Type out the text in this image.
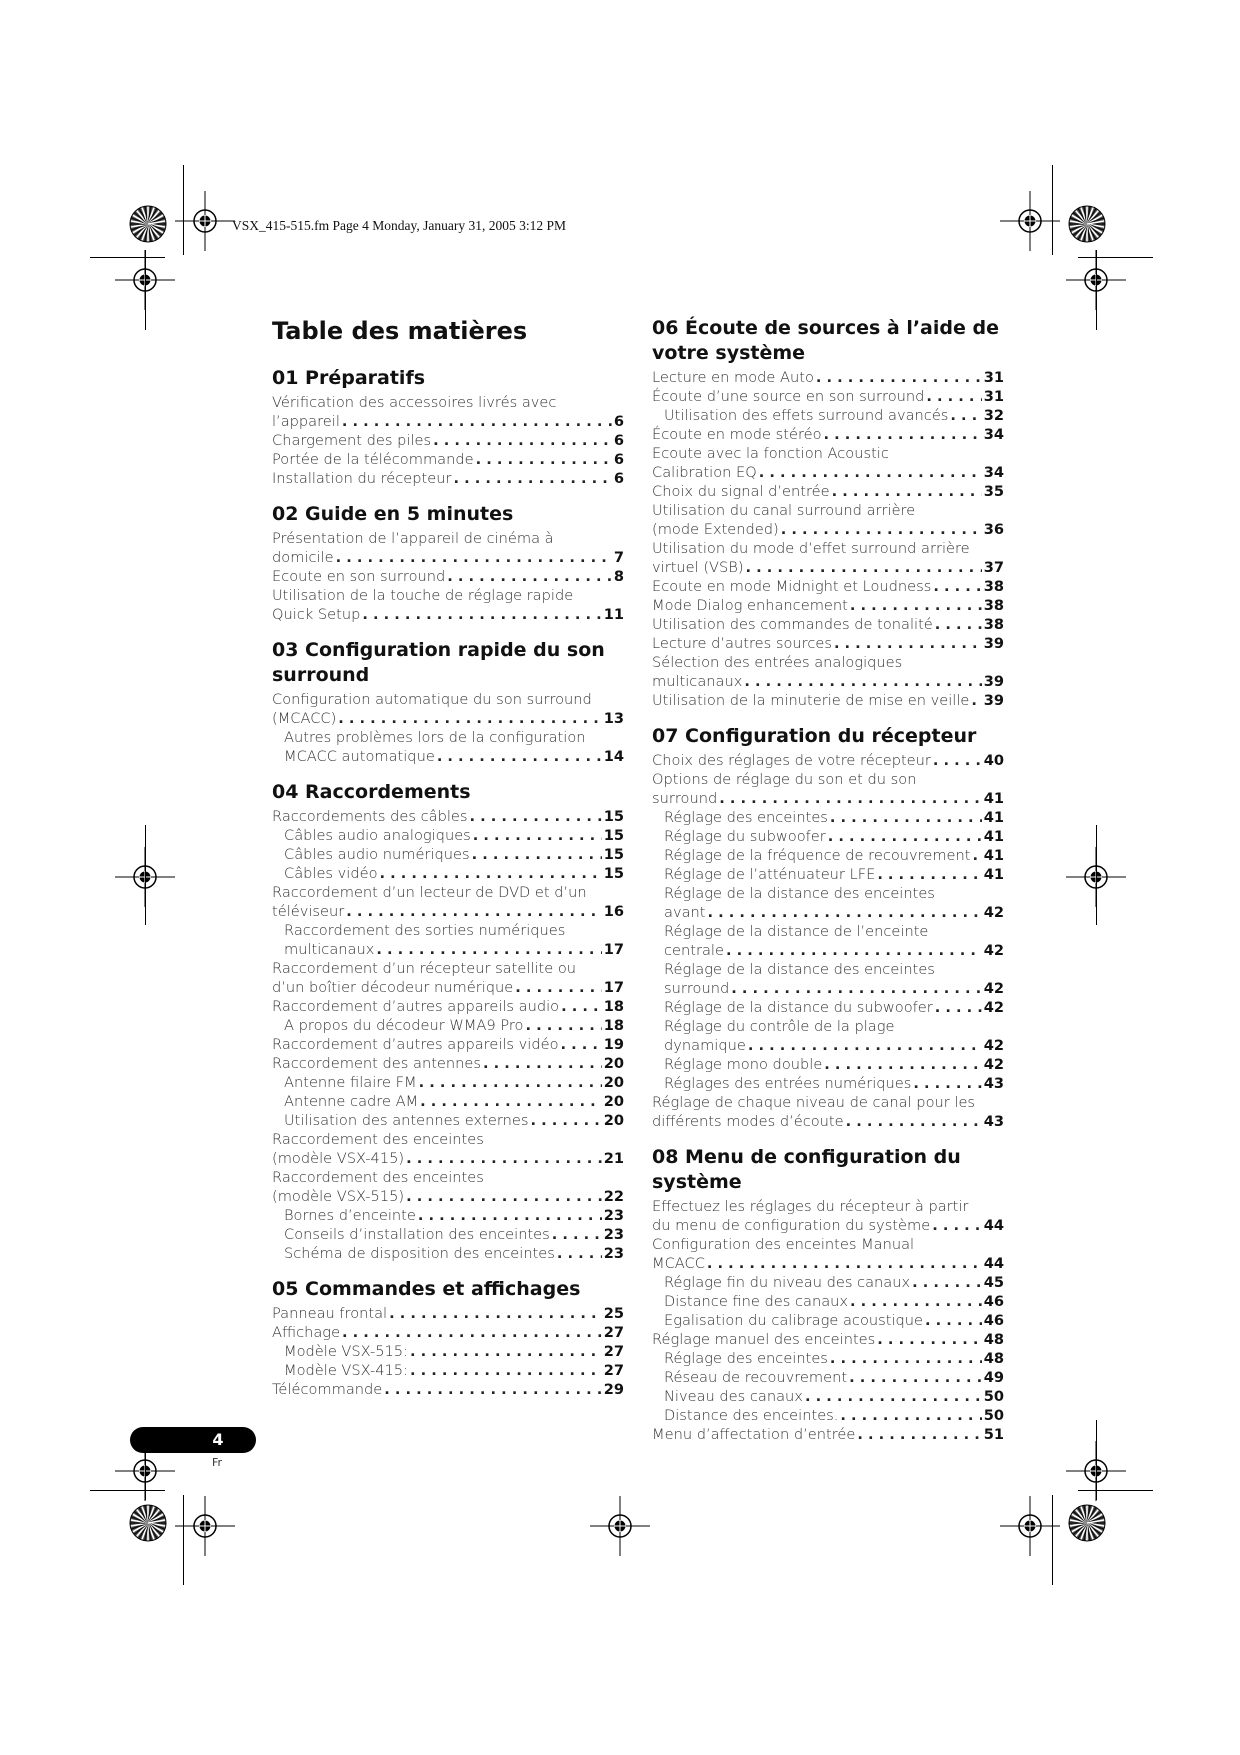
VSX_415-515.fm Page 4 Monday, January 31, 2005 3:12 PM
Table des matières
01 Préparatifs
Vérification des accessoires livrés avec
l’appareil . . .	6
Chargement des piles . . .	6
Portée de la télécommande . . .	6
Installation du récepteur . . .	6
02 Guide en 5 minutes
Présentation de l’appareil de cinéma à
domicile . . .	7
Ecoute en son surround . . .	8
Utilisation de la touche de réglage rapide
Quick Setup . . .	11
03 Configuration rapide du son surround
Configuration automatique du son surround
(MCACC) . . .	13
Autres problèmes lors de la configuration
MCACC automatique . . .	14
04 Raccordements
Raccordements des câbles . . .	15
Câbles audio analogiques . . .	15
Câbles audio numériques . . .	15
Câbles vidéo . . .	15
Raccordement d’un lecteur de DVD et d’un
téléviseur . . .	16
Raccordement des sorties numériques
multicanaux . . .	17
Raccordement d’un récepteur satellite ou
d’un boîtier décodeur numérique . . .	17
Raccordement d’autres appareils audio . . .	18
A propos du décodeur WMA9 Pro . . .	18
Raccordement d’autres appareils vidéo . . .	19
Raccordement des antennes . . .	20
Antenne filaire FM . . .	20
Antenne cadre AM . . .	20
Utilisation des antennes externes . . .	20
Raccordement des enceintes
(modèle VSX-415) . . .	21
Raccordement des enceintes
(modèle VSX-515) . . .	22
Bornes d’enceinte . . .	23
Conseils d’installation des enceintes . . .	23
Schéma de disposition des enceintes . . .	23
05 Commandes et affichages
Panneau frontal . . .	25
Affichage . . .	27
Modèle VSX-515: . . .	27
Modèle VSX-415: . . .	27
Télécommande . . .	29
06 Écoute de sources à l’aide de votre système
Lecture en mode Auto . . .	31
Écoute d’une source en son surround . . .	31
Utilisation des effets surround avancés . . . 32
Écoute en mode stéréo . . .	34
Ecoute avec la fonction Acoustic
Calibration EQ . . .	34
Choix du signal d’entrée . . .	35
Utilisation du canal surround arrière
(mode Extended) . . .	36
Utilisation du mode d’effet surround arrière
virtuel (VSB) . . .	37
Ecoute en mode Midnight et Loudness . . .	38
Mode Dialog enhancement . . .	38
Utilisation des commandes de tonalité . . .	38
Lecture d’autres sources . . .	39
Sélection des entrées analogiques
multicanaux . . .	39
Utilisation de la minuterie de mise en veille . . . 39
07 Configuration du récepteur
Choix des réglages de votre récepteur . . .	40
Options de réglage du son et du son
surround . . .	41
Réglage des enceintes . . .	41
Réglage du subwoofer . . .	41
Réglage de la fréquence de recouvrement . . . 41
Réglage de l’atténuateur LFE . . .	41
Réglage de la distance des enceintes
avant . . .	42
Réglage de la distance de l’enceinte
centrale . . .	42
Réglage de la distance des enceintes
surround . . .	42
Réglage de la distance du subwoofer . . .	42
Réglage du contrôle de la plage
dynamique . . .	42
Réglage mono double . . .	42
Réglages des entrées numériques . . .	43
Réglage de chaque niveau de canal pour les
différents modes d’écoute . . .	43
08 Menu de configuration du système
Effectuez les réglages du récepteur à partir
du menu de configuration du système . . .	44
Configuration des enceintes Manual
MCACC . . .	44
Réglage fin du niveau des canaux . . .	45
Distance fine des canaux . . .	46
Egalisation du calibrage acoustique . . .	46
Réglage manuel des enceintes . . .	48
Réglage des enceintes . . .	48
Réseau de recouvrement . . .	49
Niveau des canaux . . .	50
Distance des enceintes. . . .	50
Menu d’affectation d’entrée . . .	51
4
Fr
